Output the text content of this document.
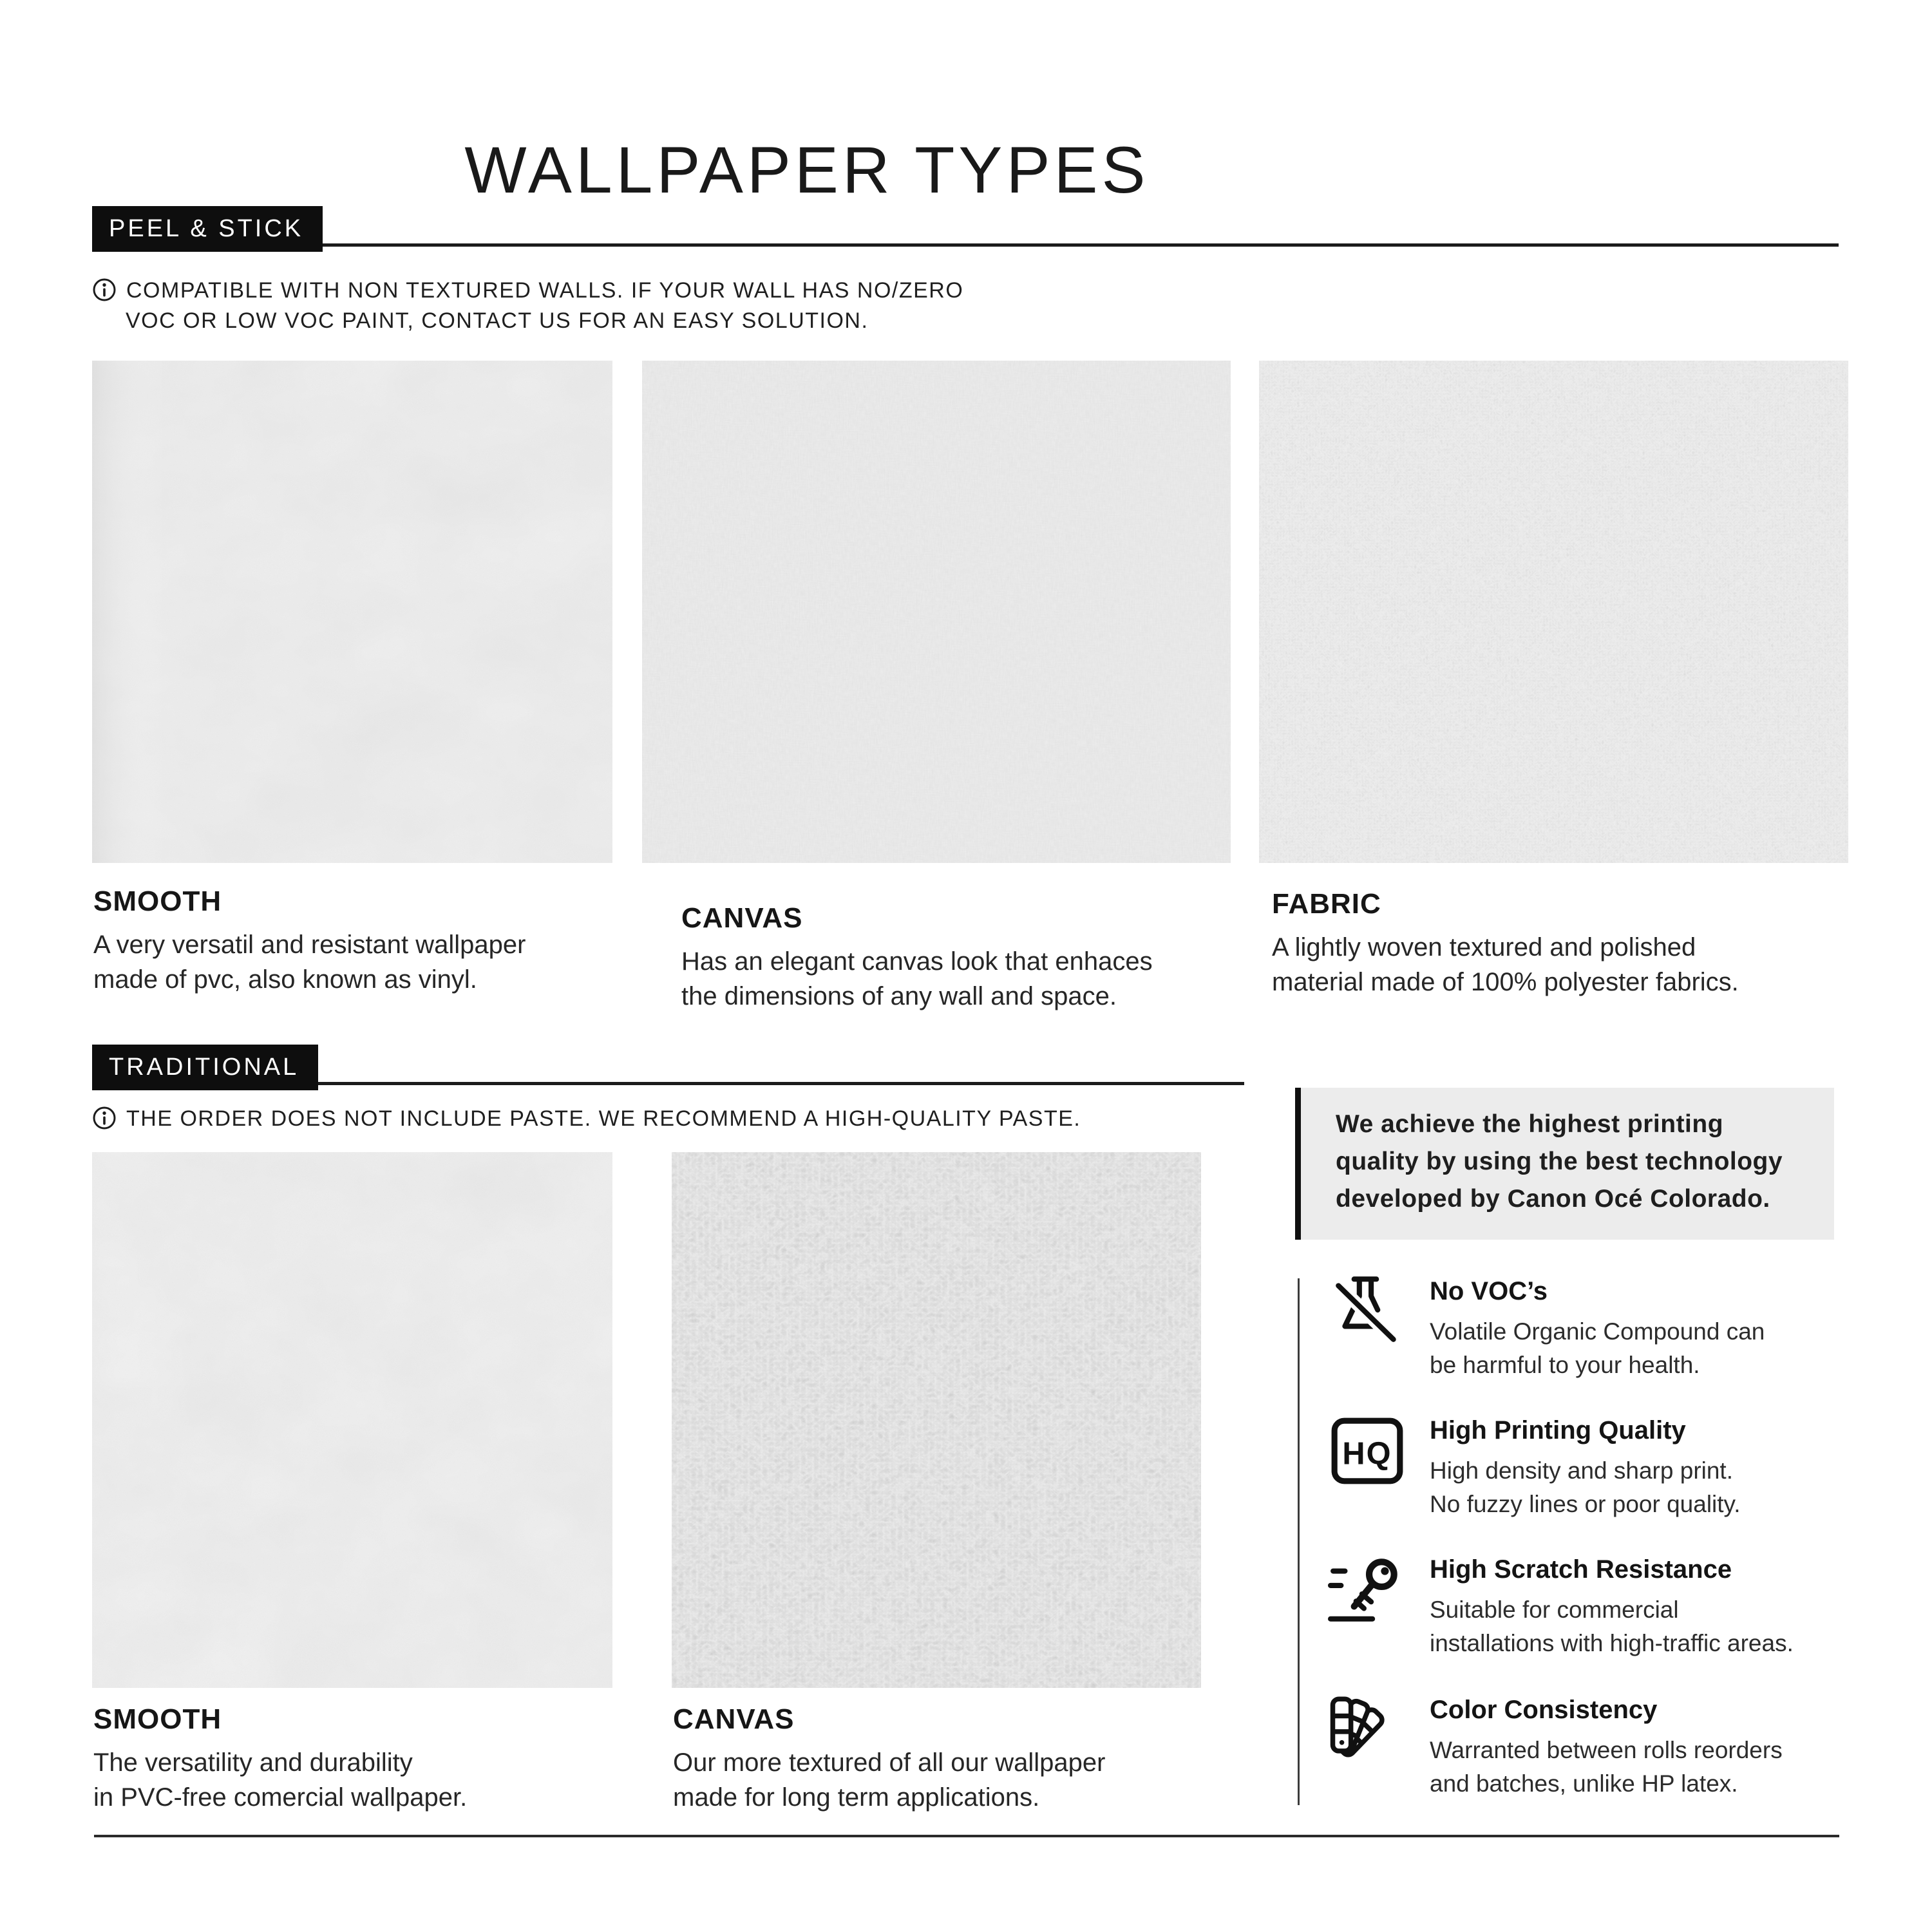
WALLPAPER TYPES
PEEL & STICK
COMPATIBLE WITH NON TEXTURED WALLS. IF YOUR WALL HAS NO/ZERO
VOC OR LOW VOC PAINT, CONTACT US FOR AN EASY SOLUTION.
SMOOTH
A very versatil and resistant wallpaper
made of pvc, also known as vinyl.
CANVAS
Has an elegant canvas look that enhaces
the dimensions of any wall and space.
FABRIC
A lightly woven textured and polished
material made of 100% polyester fabrics.
TRADITIONAL
THE ORDER DOES NOT INCLUDE PASTE. WE RECOMMEND A HIGH-QUALITY PASTE.
SMOOTH
The versatility and durability
in PVC-free comercial wallpaper.
CANVAS
Our more textured of all our wallpaper
made for long term applications.
We achieve the highest printing
quality by using the best technology
developed by Canon Océ Colorado.
HQ
No VOC’s
Volatile Organic Compound can
be harmful to your health.
High Printing Quality
High density and sharp print.
No fuzzy lines or poor quality.
High Scratch Resistance
Suitable for commercial
installations with high-traffic areas.
Color Consistency
Warranted between rolls reorders
and batches, unlike HP latex.
